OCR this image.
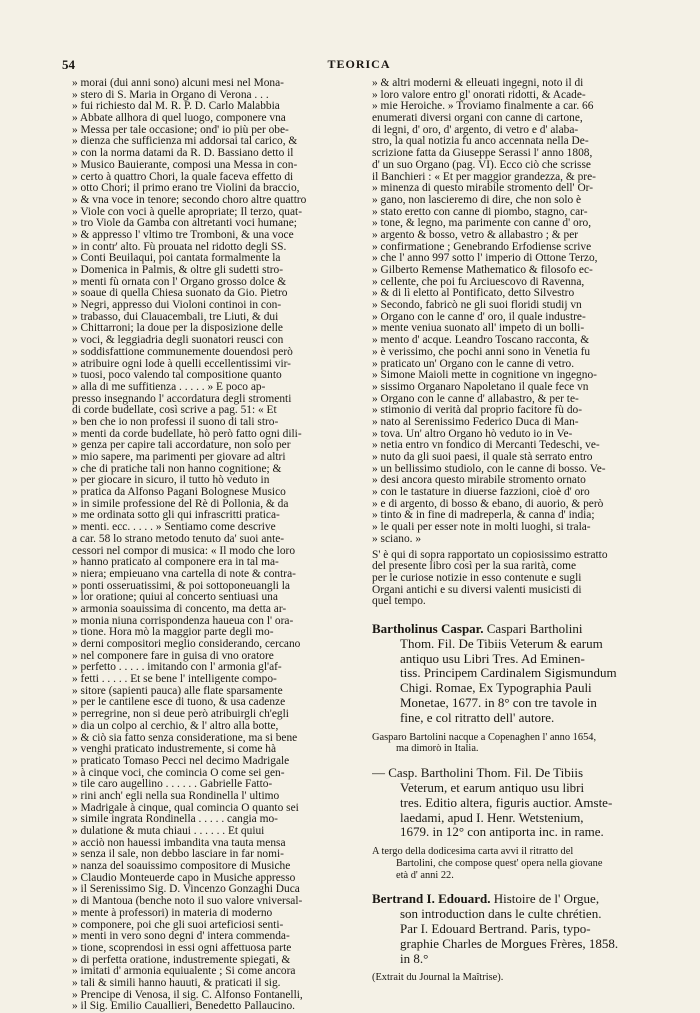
54	TEORICA
» morai (dui anni sono) alcuni mesi nel Mona-
» stero di S. Maria in Organo di Verona . . .
» fui richiesto dal M. R. P. D. Carlo Malabbia
» Abbate allhora di quel luogo, componere vna
» Messa per tale occasione; ond' io più per obe-
» dienza che sufficienza mi addorsai tal carico, &
» con la norma datami da R. D. Bassiano detto il
» Musico Bauierante, composi una Messa in con-
» certo à quattro Chori, la quale faceva effetto di
» otto Chori; il primo erano tre Violini da braccio,
» & vna voce in tenore; secondo choro altre quattro
» Viole con voci à quelle apropriate; Il terzo, quat-
» tro Viole da Gamba con altretanti voci humane;
» & appresso l' vltimo tre Tromboni, & una voce
» in contr' alto. Fù prouata nel ridotto degli SS.
» Conti Beuilaqui, poi cantata formalmente la
» Domenica in Palmis, & oltre gli sudetti stro-
» menti fù ornata con l' Organo grosso dolce &
» soaue di quella Chiesa suonato da Gio. Pietro
» Negri, appresso dui Violoni continoi in con-
» trabasso, dui Clauacembali, tre Liuti, & dui
» Chittarroni; la doue per la disposizione delle
» voci, & leggiadria degli suonatori reusci con
» soddisfattione communemente douendosi però
» atribuire ogni lode à quelli eccellentissimi vir-
» tuosi, poco valendo tal compositione quanto
» alla di me suffitienza . . . . . » E poco ap-
presso insegnando l' accordatura degli stromenti
di corde budellate, così scrive a pag. 51: « Et
» ben che io non professi il suono di tali stro-
» menti da corde budellate, hò però fatto ogni dili-
» genza per capire tali accordature, non solo per
» mio sapere, ma parimenti per giovare ad altri
» che di pratiche tali non hanno cognitione; &
» per giocare in sicuro, il tutto hò veduto in
» pratica da Alfonso Pagani Bolognese Musico
» in simile professione del Rè di Pollonia, & da
» me ordinata sotto gli qui infrascritti pratica-
» menti. ecc. . . . . » Sentiamo come descrive
a car. 58 lo strano metodo tenuto da' suoi ante-
cessori nel compor di musica: « Il modo che loro
» hanno praticato al componere era in tal ma-
» niera; empieuano vna cartella di note & contra-
» ponti osseruatissimi, & poi sottoponeuangli la
» lor oratione; quiui al concerto sentiuasi una
» armonia soauissima di concento, ma detta ar-
» monia niuna corrispondenza haueua con l' ora-
» tione. Hora mò la maggior parte degli mo-
» derni compositori meglio considerando, cercano
» nel componere fare in guisa di vno oratore
» perfetto . . . . . imitando con l' armonia gl'af-
» fetti . . . . . Et se bene l' intelligente compo-
» sitore (sapienti pauca) alle flate sparsamente
» per le cantilene esce di tuono, & usa cadenze
» perregrine, non si deue però atribuirgli ch'egli
» dia un colpo al cerchio, & l' altro alla botte,
» & ciò sia fatto senza consideratione, ma si bene
» venghi praticato industremente, si come hà
» praticato Tomaso Pecci nel decimo Madrigale
» à cinque voci, che comincia O come sei gen-
» tile caro augellino . . . . . . Gabrielle Fatto-
» rini anch' egli nella sua Rondinella l' ultimo
» Madrigale à cinque, qual comincia O quanto sei
» simile ingrata Rondinella . . . . . cangia mo-
» dulatione & muta chiaui . . . . . . Et quiui
» acciò non hauessi imbandita vna tauta mensa
» senza il sale, non debbo lasciare in far nomi-
» nanza del soauissimo compositore di Musiche
» Claudio Monteuerde capo in Musiche appresso
» il Serenissimo Sig. D. Vincenzo Gonzaghi Duca
» di Mantoua (benche noto il suo valore vniversal-
» mente à professori) in materia di moderno
» componere, poi che gli suoi arteficiosi senti-
» menti in vero sono degni d' intera commenda-
» tione, scoprendosi in essi ogni affettuosa parte
» di perfetta oratione, industremente spiegati, &
» imitati d' armonia equiualente ; Si come ancora
» tali & simili hanno hauuti, & praticati il sig.
» Prencipe di Venosa, il sig. C. Alfonso Fontanelli,
» il Sig. Emilio Cauallieri, Benedetto Pallaucino.
» & altri moderni & elleuati ingegni, noto il di
» loro valore entro gl' onorati ridotti, & Acade-
» mie Heroiche. » Troviamo finalmente a car. 66
enumerati diversi organi con canne di cartone,
di legni, d' oro, d' argento, di vetro e d' alaba-
stro, la qual notizia fu anco accennata nella De-
scrizione fatta da Giuseppe Serassi l' anno 1808,
d' un suo Organo (pag. VI). Ecco ciò che scrisse
il Banchieri : « Et per maggior grandezza, & pre-
» minenza di questo mirabile stromento dell' Or-
» gano, non lascieremo di dire, che non solo è
» stato eretto con canne di piombo, stagno, car-
» tone, & legno, ma parimente con canne d' oro,
» argento & bosso, vetro & allabastro ; & per
» confirmatione ; Genebrando Erfodiense scrive
» che l' anno 997 sotto l' imperio di Ottone Terzo,
» Gilberto Remense Mathematico & filosofo ec-
» cellente, che poi fu Arciuescovo di Ravenna,
» & di lì eletto al Pontificato, detto Silvestro
» Secondo, fabricò ne gli suoi floridi studij vn
» Organo con le canne d' oro, il quale industre-
» mente veniua suonato all' impeto di un bolli-
» mento d' acque. Leandro Toscano racconta, &
» è verissimo, che pochi anni sono in Venetia fu
» praticato un' Organo con le canne di vetro.
» Simone Maioli mette in cognitione vn ingegno-
» sissimo Organaro Napoletano il quale fece vn
» Organo con le canne d' allabastro, & per te-
» stimonio di verità dal proprio facitore fù do-
» nato al Serenissimo Federico Duca di Man-
» tova. Un' altro Organo hò veduto io in Ve-
» netia entro vn fondico di Mercanti Tedeschi, ve-
» nuto da gli suoi paesi, il quale stà serrato entro
» un bellissimo studiolo, con le canne di bosso. Ve-
» desi ancora questo mirabile stromento ornato
» con le tastature in diuerse fazzioni, cioè d' oro
» e di argento, di bosso & ebano, di auorio, & però
» tinto & in fine di madreperla, & canna d' india;
» le quali per esser note in molti luoghi, si trala-
» sciano. »
S' è qui di sopra rapportato un copiosissimo estratto
del presente libro così per la sua rarità, come
per le curiose notizie in esso contenute e sugli
Organi antichi e su diversi valenti musicisti di
quel tempo.
Bartholinus Caspar. Caspari Bartholini
Thom. Fil. De Tibiis Veterum & earum
antiquo usu Libri Tres. Ad Eminen-
tiss. Principem Cardinalem Sigismundum
Chigi. Romae, Ex Typographia Pauli
Monetae, 1677. in 8° con tre tavole in
fine, e col ritratto dell' autore.
Gasparo Bartolini nacque a Copenaghen l' anno 1654,
ma dimorò in Italia.
— Casp. Bartholini Thom. Fil. De Tibiis
Veterum, et earum antiquo usu libri
tres. Editio altera, figuris auctior. Amste-
laedami, apud I. Henr. Wetstenium,
1679. in 12° con antiporta inc. in rame.
A tergo della dodicesima carta avvi il ritratto del
Bartolini, che compose quest' opera nella giovane
età d' anni 22.
Bertrand I. Edouard. Histoire de l' Orgue,
son introduction dans le culte chrétien.
Par I. Edouard Bertrand. Paris, typo-
graphie Charles de Morgues Frères, 1858.
in 8.°
(Extrait du Journal la Maîtrise).
